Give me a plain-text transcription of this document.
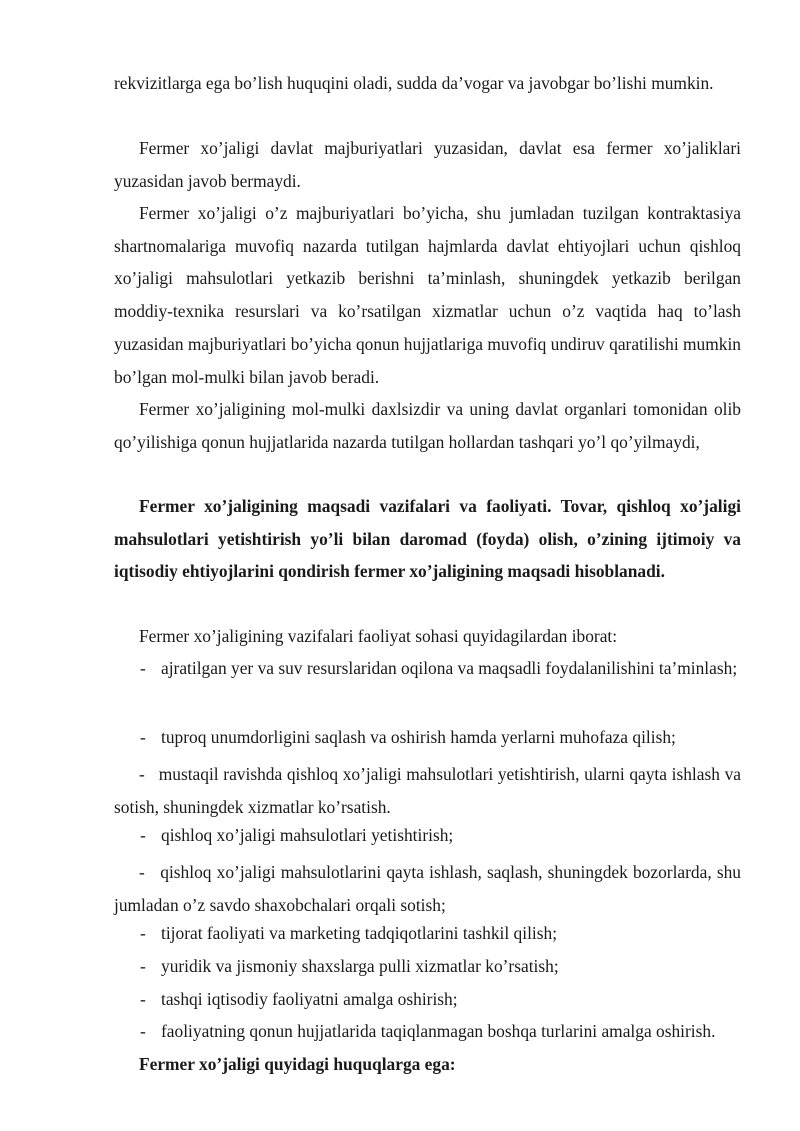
rekvizitlarga ega bo’lish huquqini oladi, sudda da’vogar va javobgar bo’lishi mumkin.

Fermer xo’jaligi davlat majburiyatlari yuzasidan, davlat esa fermer xo’jaliklari yuzasidan javob bermaydi.

Fermer xo’jaligi o’z majburiyatlari bo’yicha, shu jumladan tuzilgan kontraktasiya shartnomalariga muvofiq nazarda tutilgan hajmlarda davlat ehtiyojlari uchun qishloq xo’jaligi mahsulotlari yetkazib berishni ta’minlash, shuningdek yetkazib berilgan moddiy-texnika resurslari va ko’rsatilgan xizmatlar uchun o’z vaqtida haq to’lash yuzasidan majburiyatlari bo’yicha qonun hujjatlariga muvofiq undiruv qaratilishi mumkin bo’lgan mol-mulki bilan javob beradi.

Fermer xo’jaligining mol-mulki daxlsizdir va uning davlat organlari tomonidan olib qo’yilishiga qonun hujjatlarida nazarda tutilgan hollardan tashqari yo’l qo’yilmaydi,

Fermer xo’jaligining maqsadi vazifalari va faoliyati. Tovar, qishloq xo’jaligi mahsulotlari yetishtirish yo’li bilan daromad (foyda) olish, o’zining ijtimoiy va iqtisodiy ehtiyojlarini qondirish fermer xo’jaligining maqsadi hisoblanadi.

Fermer xo’jaligining vazifalari faoliyat sohasi quyidagilardan iborat:

- ajratilgan yer va suv resurslaridan oqilona va maqsadli foydalanilishini ta’minlash;
- tuproq unumdorligini saqlash va oshirish hamda yerlarni muhofaza qilish;

- mustaqil ravishda qishloq xo’jaligi mahsulotlari yetishtirish, ularni qayta ishlash va sotish, shuningdek xizmatlar ko’rsatish.

- qishloq xo’jaligi mahsulotlari yetishtirish;

- qishloq xo’jaligi mahsulotlarini qayta ishlash, saqlash, shuningdek bozorlarda, shu jumladan o’z savdo shaxobchalari orqali sotish;

- tijorat faoliyati va marketing tadqiqotlarini tashkil qilish;
- yuridik va jismoniy shaxslarga pulli xizmatlar ko’rsatish;
- tashqi iqtisodiy faoliyatni amalga oshirish;
- faoliyatning qonun hujjatlarida taqiqlanmagan boshqa turlarini amalga oshirish.

Fermer xo’jaligi quyidagi huquqlarga ega:
